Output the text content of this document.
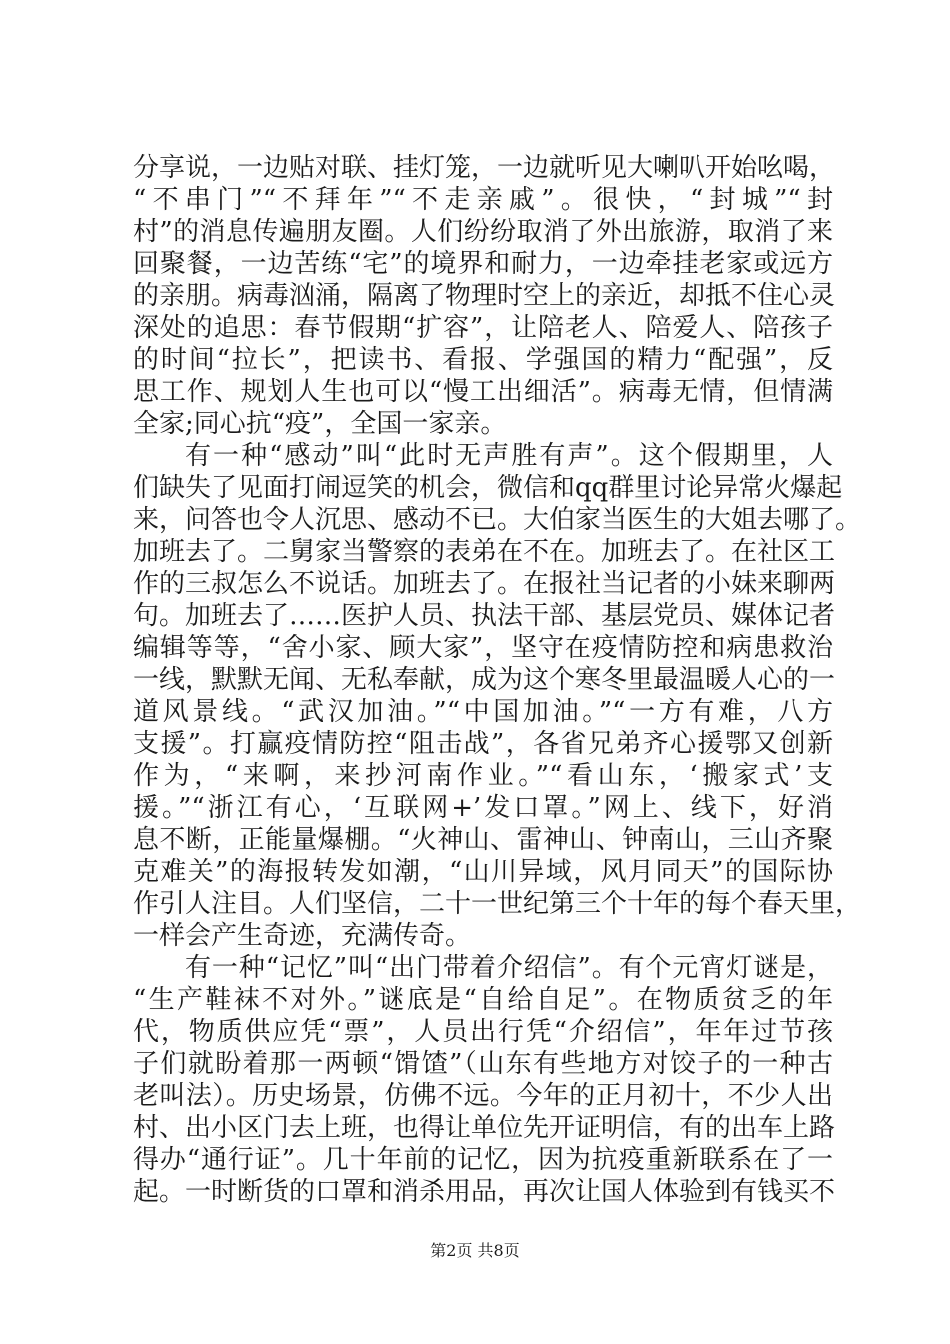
分享说，一边贴对联、挂灯笼，一边就听见大喇叭开始吆喝，
“不串门”“不拜年”“不走亲戚”。很快，“封城”“封
村”的消息传遍朋友圈。人们纷纷取消了外出旅游，取消了来
回聚餐，一边苦练“宅”的境界和耐力，一边牵挂老家或远方
的亲朋。病毒汹涌，隔离了物理时空上的亲近，却抵不住心灵
深处的追思：春节假期“扩容”，让陪老人、陪爱人、陪孩子
的时间“拉长”，把读书、看报、学强国的精力“配强”，反
思工作、规划人生也可以“慢工出细活”。病毒无情，但情满
全家;同心抗“疫”，全国一家亲。
有一种“感动”叫“此时无声胜有声”。这个假期里，人
们缺失了见面打闹逗笑的机会，微信和qq群里讨论异常火爆起
来，问答也令人沉思、感动不已。大伯家当医生的大姐去哪了。
加班去了。二舅家当警察的表弟在不在。加班去了。在社区工
作的三叔怎么不说话。加班去了。在报社当记者的小妹来聊两
句。加班去了……医护人员、执法干部、基层党员、媒体记者
编辑等等，“舍小家、顾大家”，坚守在疫情防控和病患救治
一线，默默无闻、无私奉献，成为这个寒冬里最温暖人心的一
道风景线。“武汉加油。”“中国加油。”“一方有难，八方
支援”。打赢疫情防控“阻击战”，各省兄弟齐心援鄂又创新
作为，“来啊，来抄河南作业。”“看山东，‘搬家式’支
援。”“浙江有心，‘互联网+’发口罩。”网上、线下，好消
息不断，正能量爆棚。“火神山、雷神山、钟南山，三山齐聚
克难关”的海报转发如潮，“山川异域，风月同天”的国际协
作引人注目。人们坚信，二十一世纪第三个十年的每个春天里，
一样会产生奇迹，充满传奇。
有一种“记忆”叫“出门带着介绍信”。有个元宵灯谜是，
“生产鞋袜不对外。”谜底是“自给自足”。在物质贫乏的年
代，物质供应凭“票”，人员出行凭“介绍信”，年年过节孩
子们就盼着那一两顿“馉馇”（山东有些地方对饺子的一种古
老叫法）。历史场景，仿佛不远。今年的正月初十，不少人出
村、出小区门去上班，也得让单位先开证明信，有的出车上路
得办“通行证”。几十年前的记忆，因为抗疫重新联系在了一
起。一时断货的口罩和消杀用品，再次让国人体验到有钱买不
第2页 共8页
